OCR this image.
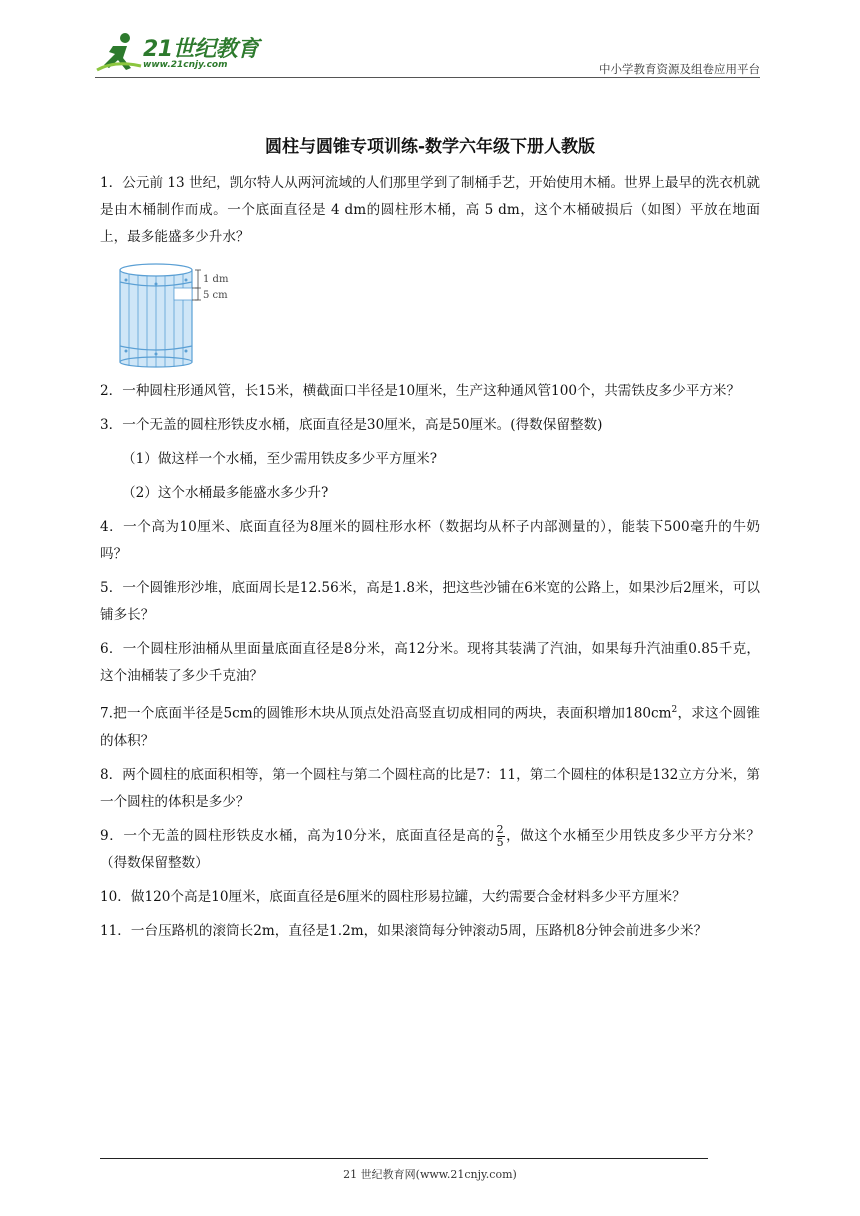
21世纪教育
www.21cnjy.com	中小学教育资源及组卷应用平台
圆柱与圆锥专项训练-数学六年级下册人教版

1．公元前 13 世纪，凯尔特人从两河流域的人们那里学到了制桶手艺，开始使用木桶。世界上最早的洗衣机就是由木桶制作而成。一个底面直径是 4 dm的圆柱形木桶，高 5 dm，这个木桶破损后（如图）平放在地面上，最多能盛多少升水？

1 dm
5 cm

2．一种圆柱形通风管，长15米，横截面口半径是10厘米，生产这种通风管100个，共需铁皮多少平方米？

3．一个无盖的圆柱形铁皮水桶，底面直径是30厘米，高是50厘米。(得数保留整数)

（1）做这样一个水桶，至少需用铁皮多少平方厘米?

（2）这个水桶最多能盛水多少升?

4．一个高为10厘米、底面直径为8厘米的圆柱形水杯（数据均从杯子内部测量的），能装下500毫升的牛奶吗？

5．一个圆锥形沙堆，底面周长是12.56米，高是1.8米，把这些沙铺在6米宽的公路上，如果沙后2厘米，可以铺多长？

6．一个圆柱形油桶从里面量底面直径是8分米，高12分米。现将其装满了汽油，如果每升汽油重0.85千克，这个油桶装了多少千克油？

7.把一个底面半径是5cm的圆锥形木块从顶点处沿高竖直切成相同的两块，表面积增加$180cm^2$，求这个圆锥的体积？

8．两个圆柱的底面积相等，第一个圆柱与第二个圆柱高的比是7：11，第二个圆柱的体积是132立方分米，第一个圆柱的体积是多少？

9．一个无盖的圆柱形铁皮水桶，高为10分米，底面直径是高的 $\frac{2}{5}$ ，做这个水桶至少用铁皮多少平方分米？（得数保留整数）

10．做120个高是10厘米，底面直径是6厘米的圆柱形易拉罐，大约需要合金材料多少平方厘米？

11．一台压路机的滚筒长2m，直径是1.2m，如果滚筒每分钟滚动5周，压路机8分钟会前进多少米？

21 世纪教育网(www.21cnjy.com)
